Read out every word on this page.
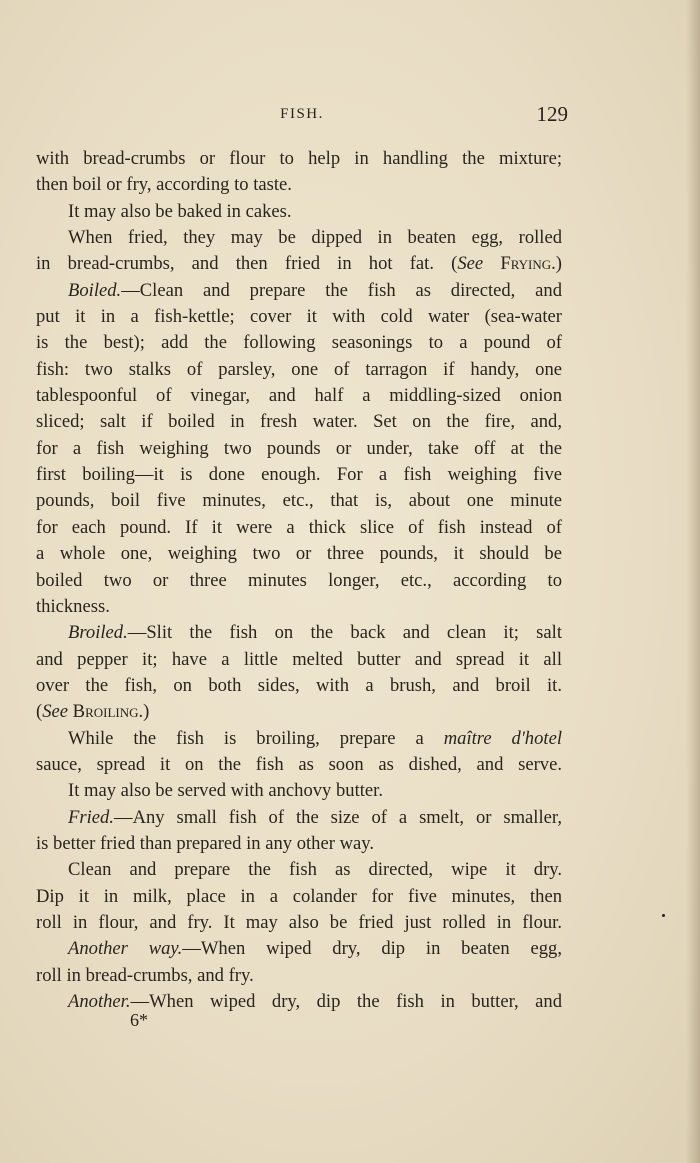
FISH.	129
with bread-crumbs or flour to help in handling the mixture;
then boil or fry, according to taste.
It may also be baked in cakes.
When fried, they may be dipped in beaten egg, rolled
in bread-crumbs, and then fried in hot fat. (See Frying.)
Boiled.—Clean and prepare the fish as directed, and
put it in a fish-kettle; cover it with cold water (sea-water
is the best); add the following seasonings to a pound of
fish: two stalks of parsley, one of tarragon if handy, one
tablespoonful of vinegar, and half a middling-sized onion
sliced; salt if boiled in fresh water. Set on the fire, and,
for a fish weighing two pounds or under, take off at the
first boiling—it is done enough. For a fish weighing five
pounds, boil five minutes, etc., that is, about one minute
for each pound. If it were a thick slice of fish instead of
a whole one, weighing two or three pounds, it should be
boiled two or three minutes longer, etc., according to
thickness.
Broiled.—Slit the fish on the back and clean it; salt
and pepper it; have a little melted butter and spread it all
over the fish, on both sides, with a brush, and broil it.
(See Broiling.)
While the fish is broiling, prepare a maître d'hotel
sauce, spread it on the fish as soon as dished, and serve.
It may also be served with anchovy butter.
Fried.—Any small fish of the size of a smelt, or smaller,
is better fried than prepared in any other way.
Clean and prepare the fish as directed, wipe it dry.
Dip it in milk, place in a colander for five minutes, then
roll in flour, and fry. It may also be fried just rolled in flour.
Another way.—When wiped dry, dip in beaten egg,
roll in bread-crumbs, and fry.
Another.—When wiped dry, dip the fish in butter, and
6*
